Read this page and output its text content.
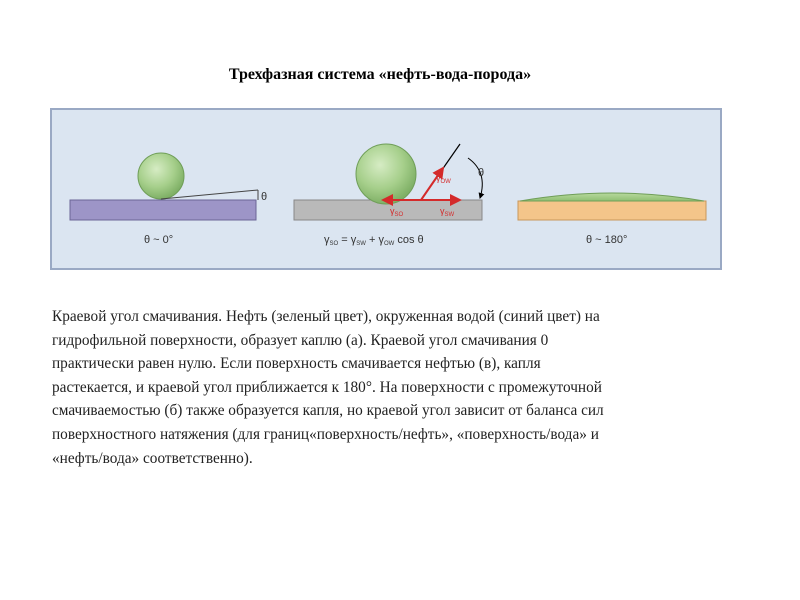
Трехфазная система «нефть-вода-порода»
θ
θ ~ 0°
θ
$\gamma_{OW}$
$\gamma_{SO}$	$\gamma_{SW}$
γSO = γSW + γOW cos θ	θ ~ 180°
Краевой угол смачивания. Нефть (зеленый цвет), окруженная водой (синий цвет) на
гидрофильной поверхности, образует каплю (а). Краевой угол смачивания 0
практически равен нулю. Если поверхность смачивается нефтью (в), капля
растекается, и краевой угол приближается к 180°. На поверхности с промежуточной
смачиваемостью (б) также образуется капля, но краевой угол зависит от баланса сил
поверхностного натяжения (для границ«поверхность/нефть», «поверхность/вода» и
«нефть/вода» соответственно).
